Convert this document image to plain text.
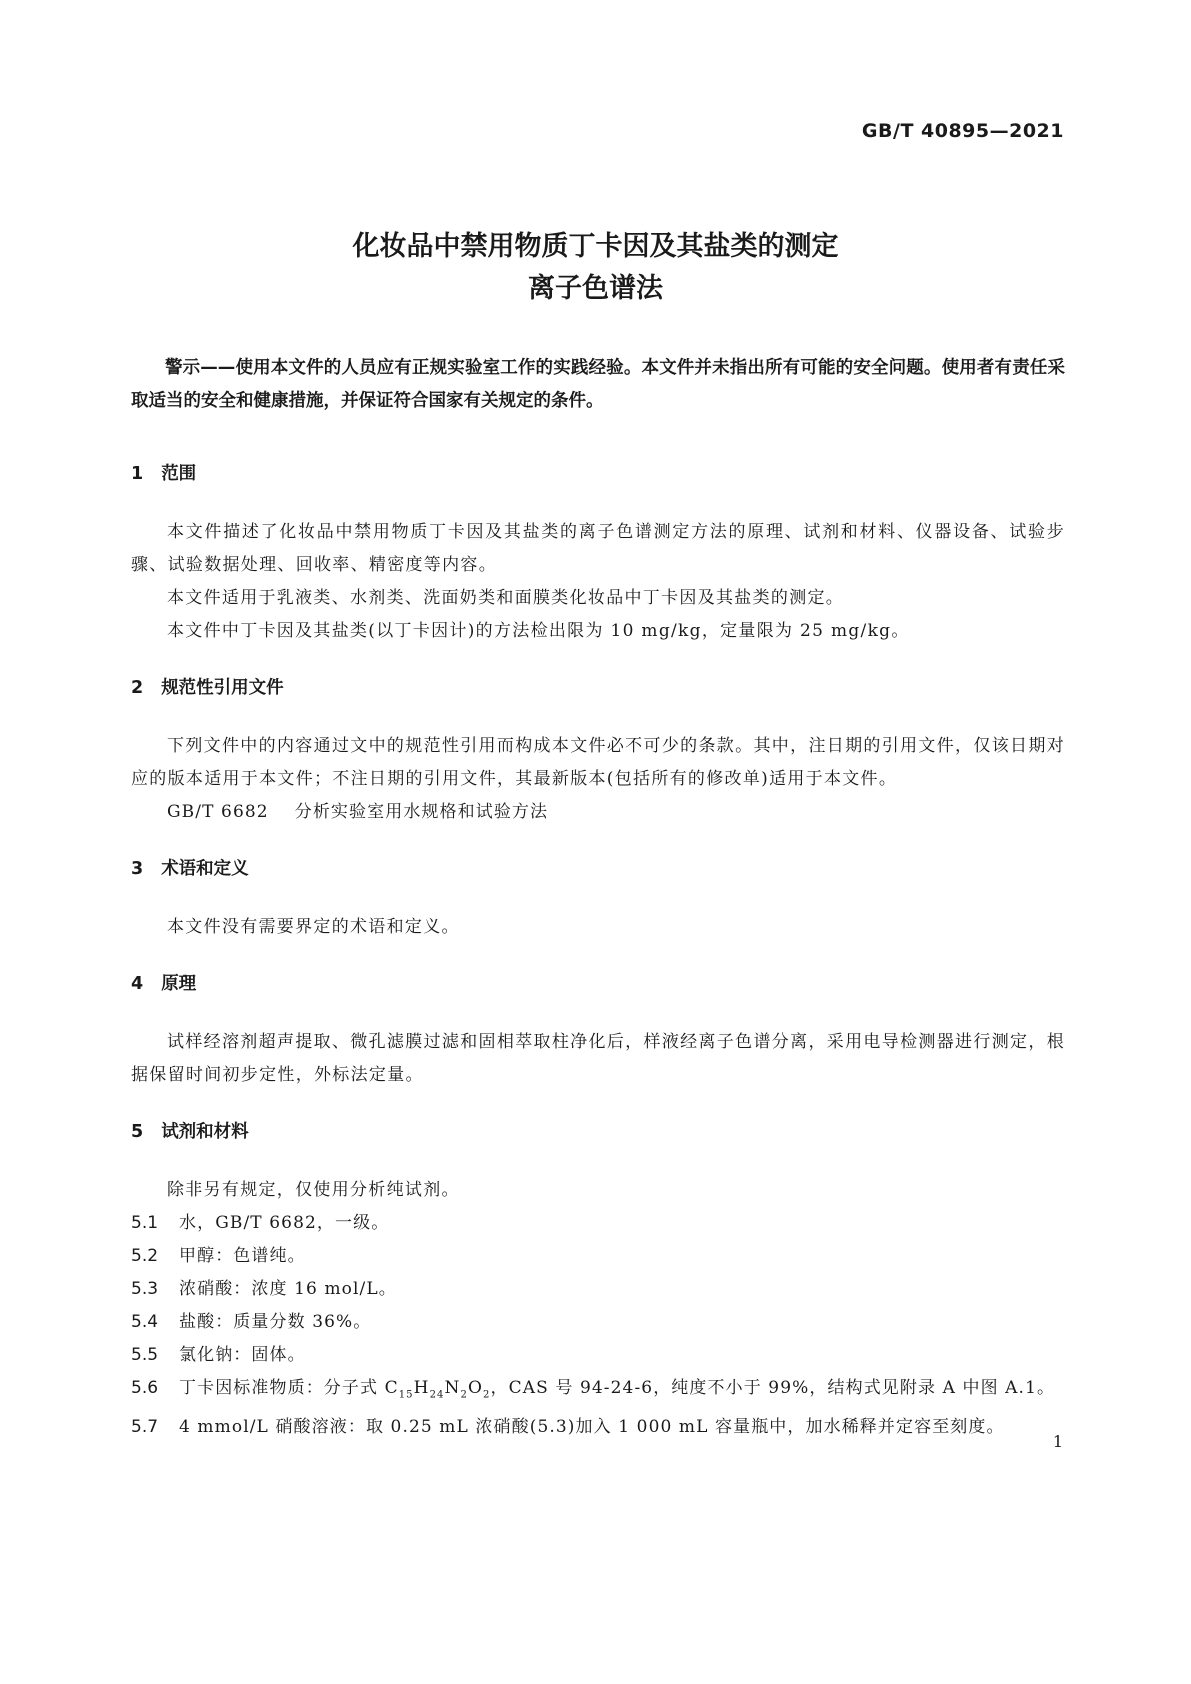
GB/T 40895—2021
化妆品中禁用物质丁卡因及其盐类的测定
离子色谱法

警示——使用本文件的人员应有正规实验室工作的实践经验。本文件并未指出所有可能的安全问题。使用者有责任采取适当的安全和健康措施，并保证符合国家有关规定的条件。

1 范围

本文件描述了化妆品中禁用物质丁卡因及其盐类的离子色谱测定方法的原理、试剂和材料、仪器设备、试验步骤、试验数据处理、回收率、精密度等内容。

本文件适用于乳液类、水剂类、洗面奶类和面膜类化妆品中丁卡因及其盐类的测定。

本文件中丁卡因及其盐类(以丁卡因计)的方法检出限为 10 mg/kg，定量限为 25 mg/kg。

2 规范性引用文件

下列文件中的内容通过文中的规范性引用而构成本文件必不可少的条款。其中，注日期的引用文件，仅该日期对应的版本适用于本文件；不注日期的引用文件，其最新版本(包括所有的修改单)适用于本文件。

GB/T 6682 分析实验室用水规格和试验方法
3 术语和定义

本文件没有需要界定的术语和定义。

4 原理

试样经溶剂超声提取、微孔滤膜过滤和固相萃取柱净化后，样液经离子色谱分离，采用电导检测器进行测定，根据保留时间初步定性，外标法定量。

5 试剂和材料

除非另有规定，仅使用分析纯试剂。

5.1	水，GB/T 6682，一级。
5.2	甲醇：色谱纯。
5.3	浓硝酸：浓度 16 mol/L。
5.4	盐酸：质量分数 36%。
5.5	氯化钠：固体。
5.6 丁卡因标准物质：分子式 $C_{15}H_{24}N_2O_2$，CAS 号 94-24-6，纯度不小于 99%，结构式见附录 A 中图 A.1。
5.7	4 mmol/L 硝酸溶液：取 0.25 mL 浓硝酸(5.3)加入 1 000 mL 容量瓶中，加水稀释并定容至刻度。
1
